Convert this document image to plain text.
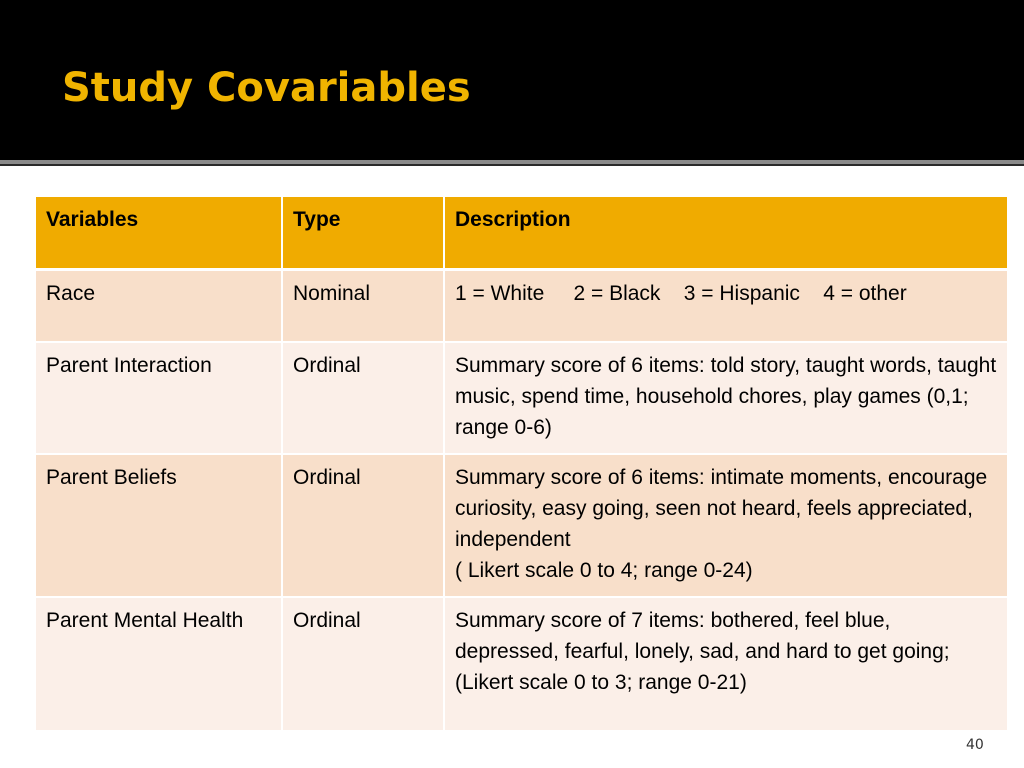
Study Covariables
Variables	Type	Description
Race	Nominal	1 = White     2 = Black    3 = Hispanic    4 = other

Parent Interaction	Ordinal	Summary score of 6 items: told story, taught words, taught music, spend time, household chores, play games (0,1; range 0-6)

Parent Beliefs	Ordinal	Summary score of 6 items: intimate moments, encourage curiosity, easy going, seen not heard, feels appreciated, independent
( Likert scale 0 to 4; range 0-24)

Parent Mental Health	Ordinal	Summary score of 7 items: bothered, feel blue, depressed, fearful, lonely, sad, and hard to get going; (Likert scale 0 to 3; range 0-21)
40
